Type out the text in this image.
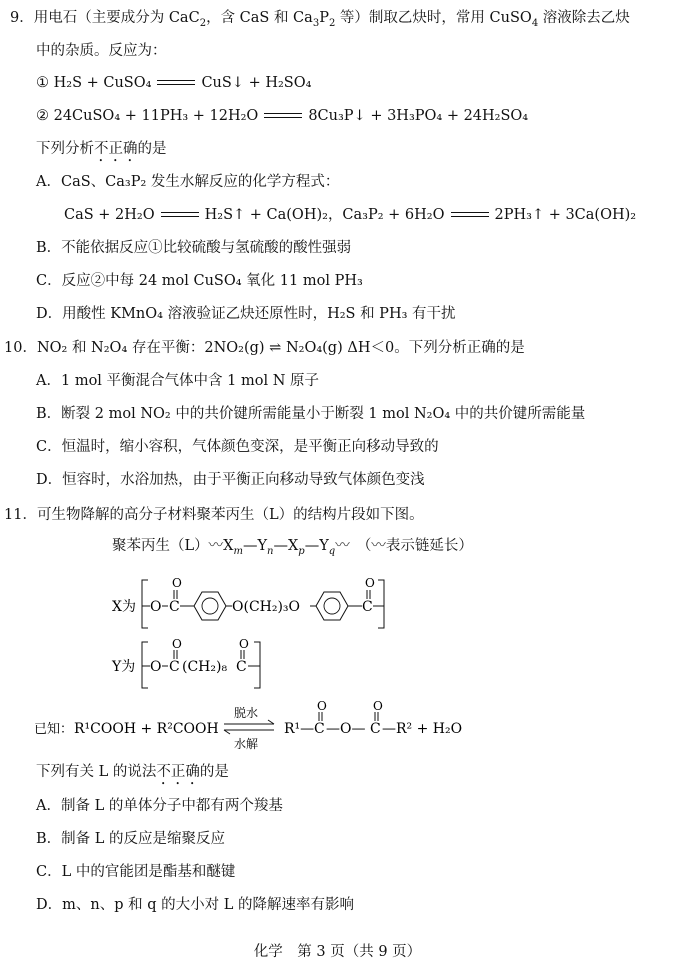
9．用电石（主要成分为 CaC$_2$，含 CaS 和 $Ca_3P_2$ 等）制取乙炔时，常用 CuSO$_4$ 溶液除去乙炔
中的杂质。反应为：
① H₂S + CuSO₄	CuS↓ + H₂SO₄
② 24CuSO₄ + 11PH₃ + 12H₂O	8Cu₃P↓ + 3H₃PO₄ + 24H₂SO₄
下列分析不正确的是
A．CaS、Ca₃P₂ 发生水解反应的化学方程式：
CaS + 2H₂O	H₂S↑ + Ca(OH)₂，Ca₃P₂ + 6H₂O	2PH₃↑ + 3Ca(OH)₂
B．不能依据反应①比较硫酸与氢硫酸的酸性强弱
C．反应②中每 24 mol CuSO₄ 氧化 11 mol PH₃
D．用酸性 KMnO₄ 溶液验证乙炔还原性时，H₂S 和 PH₃ 有干扰
10．NO₂ 和 N₂O₄ 存在平衡：2NO₂(g) ⇌ N₂O₄(g) ΔH＜0。下列分析正确的是
A．1 mol 平衡混合气体中含 1 mol N 原子
B．断裂 2 mol NO₂ 中的共价键所需能量小于断裂 1 mol N₂O₄ 中的共价键所需能量
C．恒温时，缩小容积，气体颜色变深，是平衡正向移动导致的
D．恒容时，水浴加热，由于平衡正向移动导致气体颜色变浅
11．可生物降解的高分子材料聚苯丙生（L）的结构片段如下图。
聚苯丙生（L）〰$X_m—Y_n—X_p—Y_q$〰　（〰表示链延长）
X为 O C
O
O(CH₂)₃O	C
O
Y为 O C
O
(CH₂)₈ C
O
已知： R¹COOH + R²COOH
脱水
水解
R¹— C
O
—O— C
O
—R² + H₂O
下列有关 L 的说法不正确的是
A．制备 L 的单体分子中都有两个羧基
B．制备 L 的反应是缩聚反应
C．L 中的官能团是酯基和醚键
D．m、n、p 和 q 的大小对 L 的降解速率有影响
化学　第 3 页（共 9 页）
